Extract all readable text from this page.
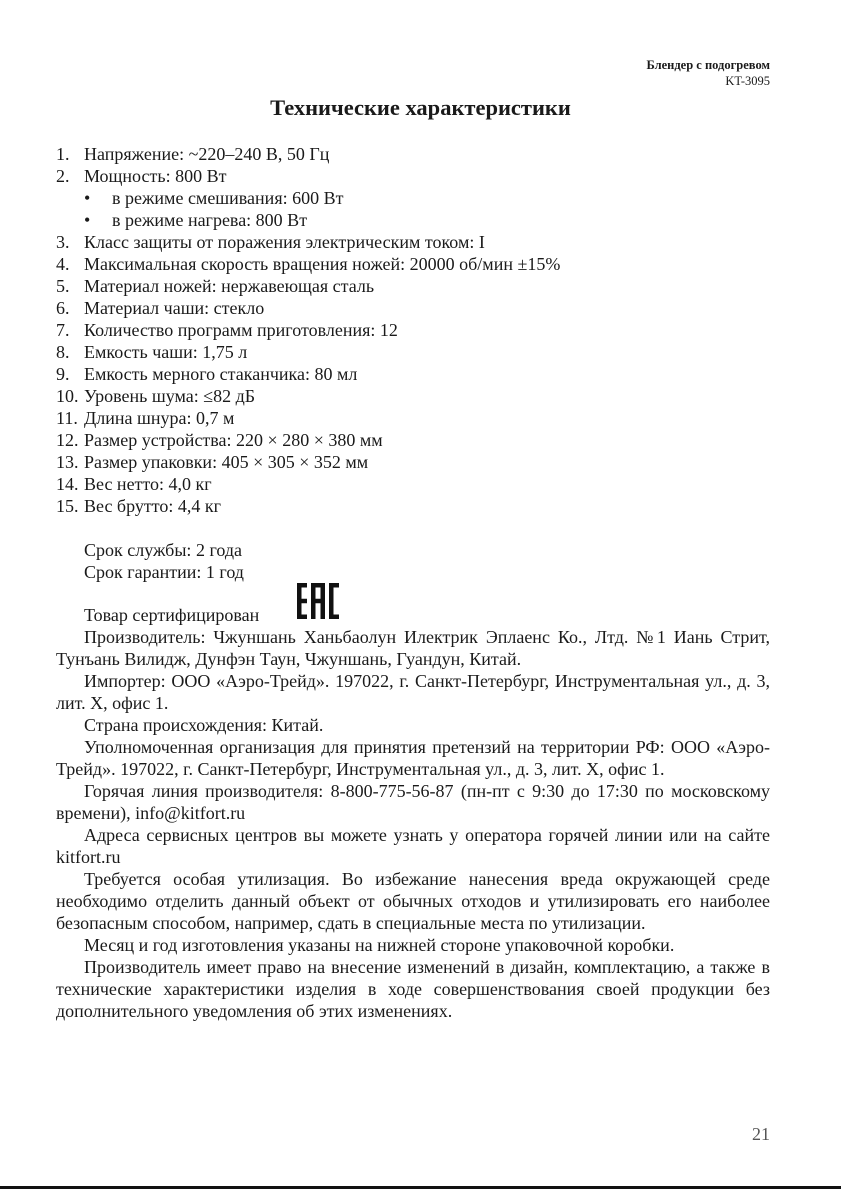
Блендер с подогревом
KT-3095
Технические характеристики
1. Напряжение: ~220–240 В, 50 Гц
2. Мощность: 800 Вт
•	в режиме смешивания: 600 Вт
•	в режиме нагрева: 800 Вт
3. Класс защиты от поражения электрическим током: I
4. Максимальная скорость вращения ножей: 20000 об/мин ±15%
5. Материал ножей: нержавеющая сталь
6. Материал чаши: стекло
7. Количество программ приготовления: 12
8. Емкость чаши: 1,75 л
9. Емкость мерного стаканчика: 80 мл
10. Уровень шума: ≤82 дБ
11. Длина шнура: 0,7 м
12. Размер устройства: 220 × 280 × 380 мм
13. Размер упаковки: 405 × 305 × 352 мм
14. Вес нетто: 4,0 кг
15. Вес брутто: 4,4 кг

Срок службы: 2 года

Срок гарантии: 1 год

Товар сертифицирован

Производитель: Чжуншань Ханьбаолун Илектрик Эплаенс Ко., Лтд. №1 Иань Стрит, Тунъань Вилидж, Дунфэн Таун, Чжуншань, Гуандун, Китай.

Импортер: ООО «Аэро-Трейд». 197022, г. Санкт-Петербург, Инструментальная ул., д. 3, лит. Х, офис 1.

Страна происхождения: Китай.

Уполномоченная организация для принятия претензий на территории РФ: ООО «Аэро-Трейд». 197022, г. Санкт-Петербург, Инструментальная ул., д. 3, лит. Х, офис 1.

Горячая линия производителя: 8-800-775-56-87 (пн-пт с 9:30 до 17:30 по московскому времени), info@kitfort.ru

Адреса сервисных центров вы можете узнать у оператора горячей линии или на сайте kitfort.ru

Требуется особая утилизация. Во избежание нанесения вреда окружающей среде необходимо отделить данный объект от обычных отходов и утилизировать его наиболее безопасным способом, например, сдать в специальные места по утилизации.

Месяц и год изготовления указаны на нижней стороне упаковочной коробки.

Производитель имеет право на внесение изменений в дизайн, комплектацию, а также в технические характеристики изделия в ходе совершенствования своей продукции без дополнительного уведомления об этих изменениях.

21
